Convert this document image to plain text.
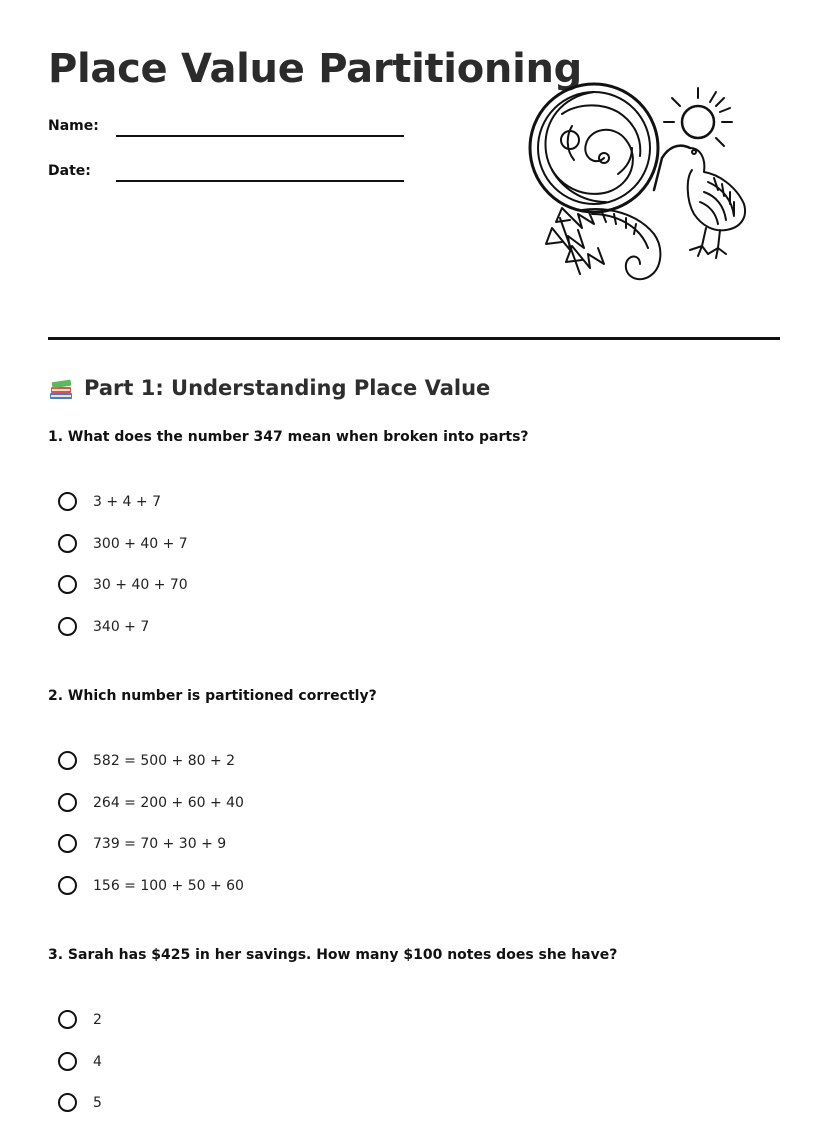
Place Value Partitioning
Name:
Date:
Part 1: Understanding Place Value

1. What does the number 347 mean when broken into parts?

3 + 4 + 7
300 + 40 + 7
30 + 40 + 70
340 + 7

2. Which number is partitioned correctly?

582 = 500 + 80 + 2
264 = 200 + 60 + 40
739 = 70 + 30 + 9
156 = 100 + 50 + 60

3. Sarah has $425 in her savings. How many $100 notes does she have?

2
4
5
